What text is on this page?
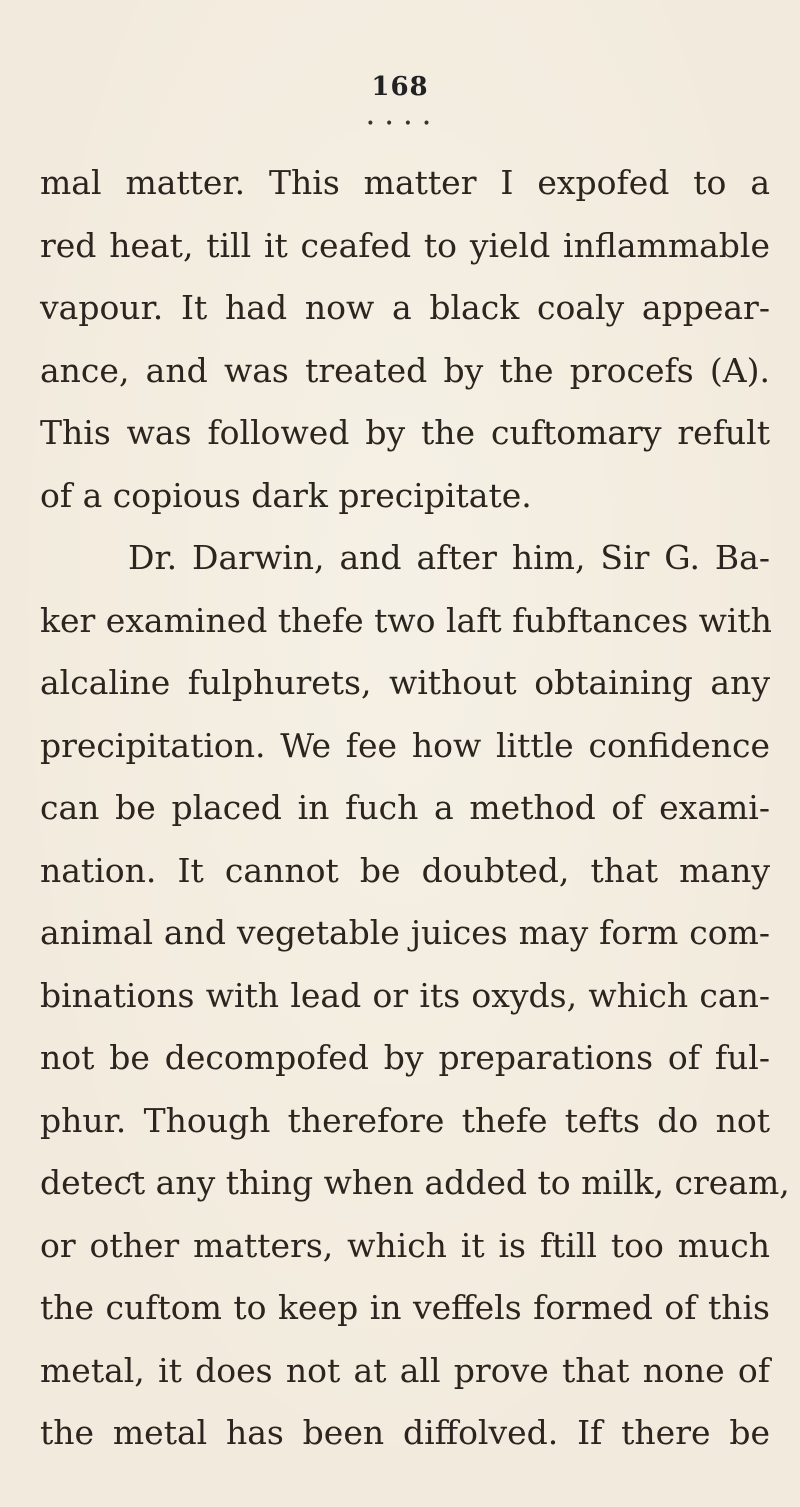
168
• • • •
mal matter. This matter I expofed to a
red heat, till it ceafed to yield inflammable
vapour. It had now a black coaly appear-
ance, and was treated by the procefs (A).
This was followed by the cuftomary refult
of a copious dark precipitate.
Dr. Darwin, and after him, Sir G. Ba-
ker examined thefe two laft fubftances with
alcaline fulphurets, without obtaining any
precipitation. We fee how little confidence
can be placed in fuch a method of exami-
nation. It cannot be doubted, that many
animal and vegetable juices may form com-
binations with lead or its oxyds, which can-
not be decompofed by preparations of ful-
phur. Though therefore thefe tefts do not
deteƈt any thing when added to milk, cream,
or other matters, which it is ftill too much
the cuftom to keep in veffels formed of this
metal, it does not at all prove that none of
the metal has been diffolved. If there be
